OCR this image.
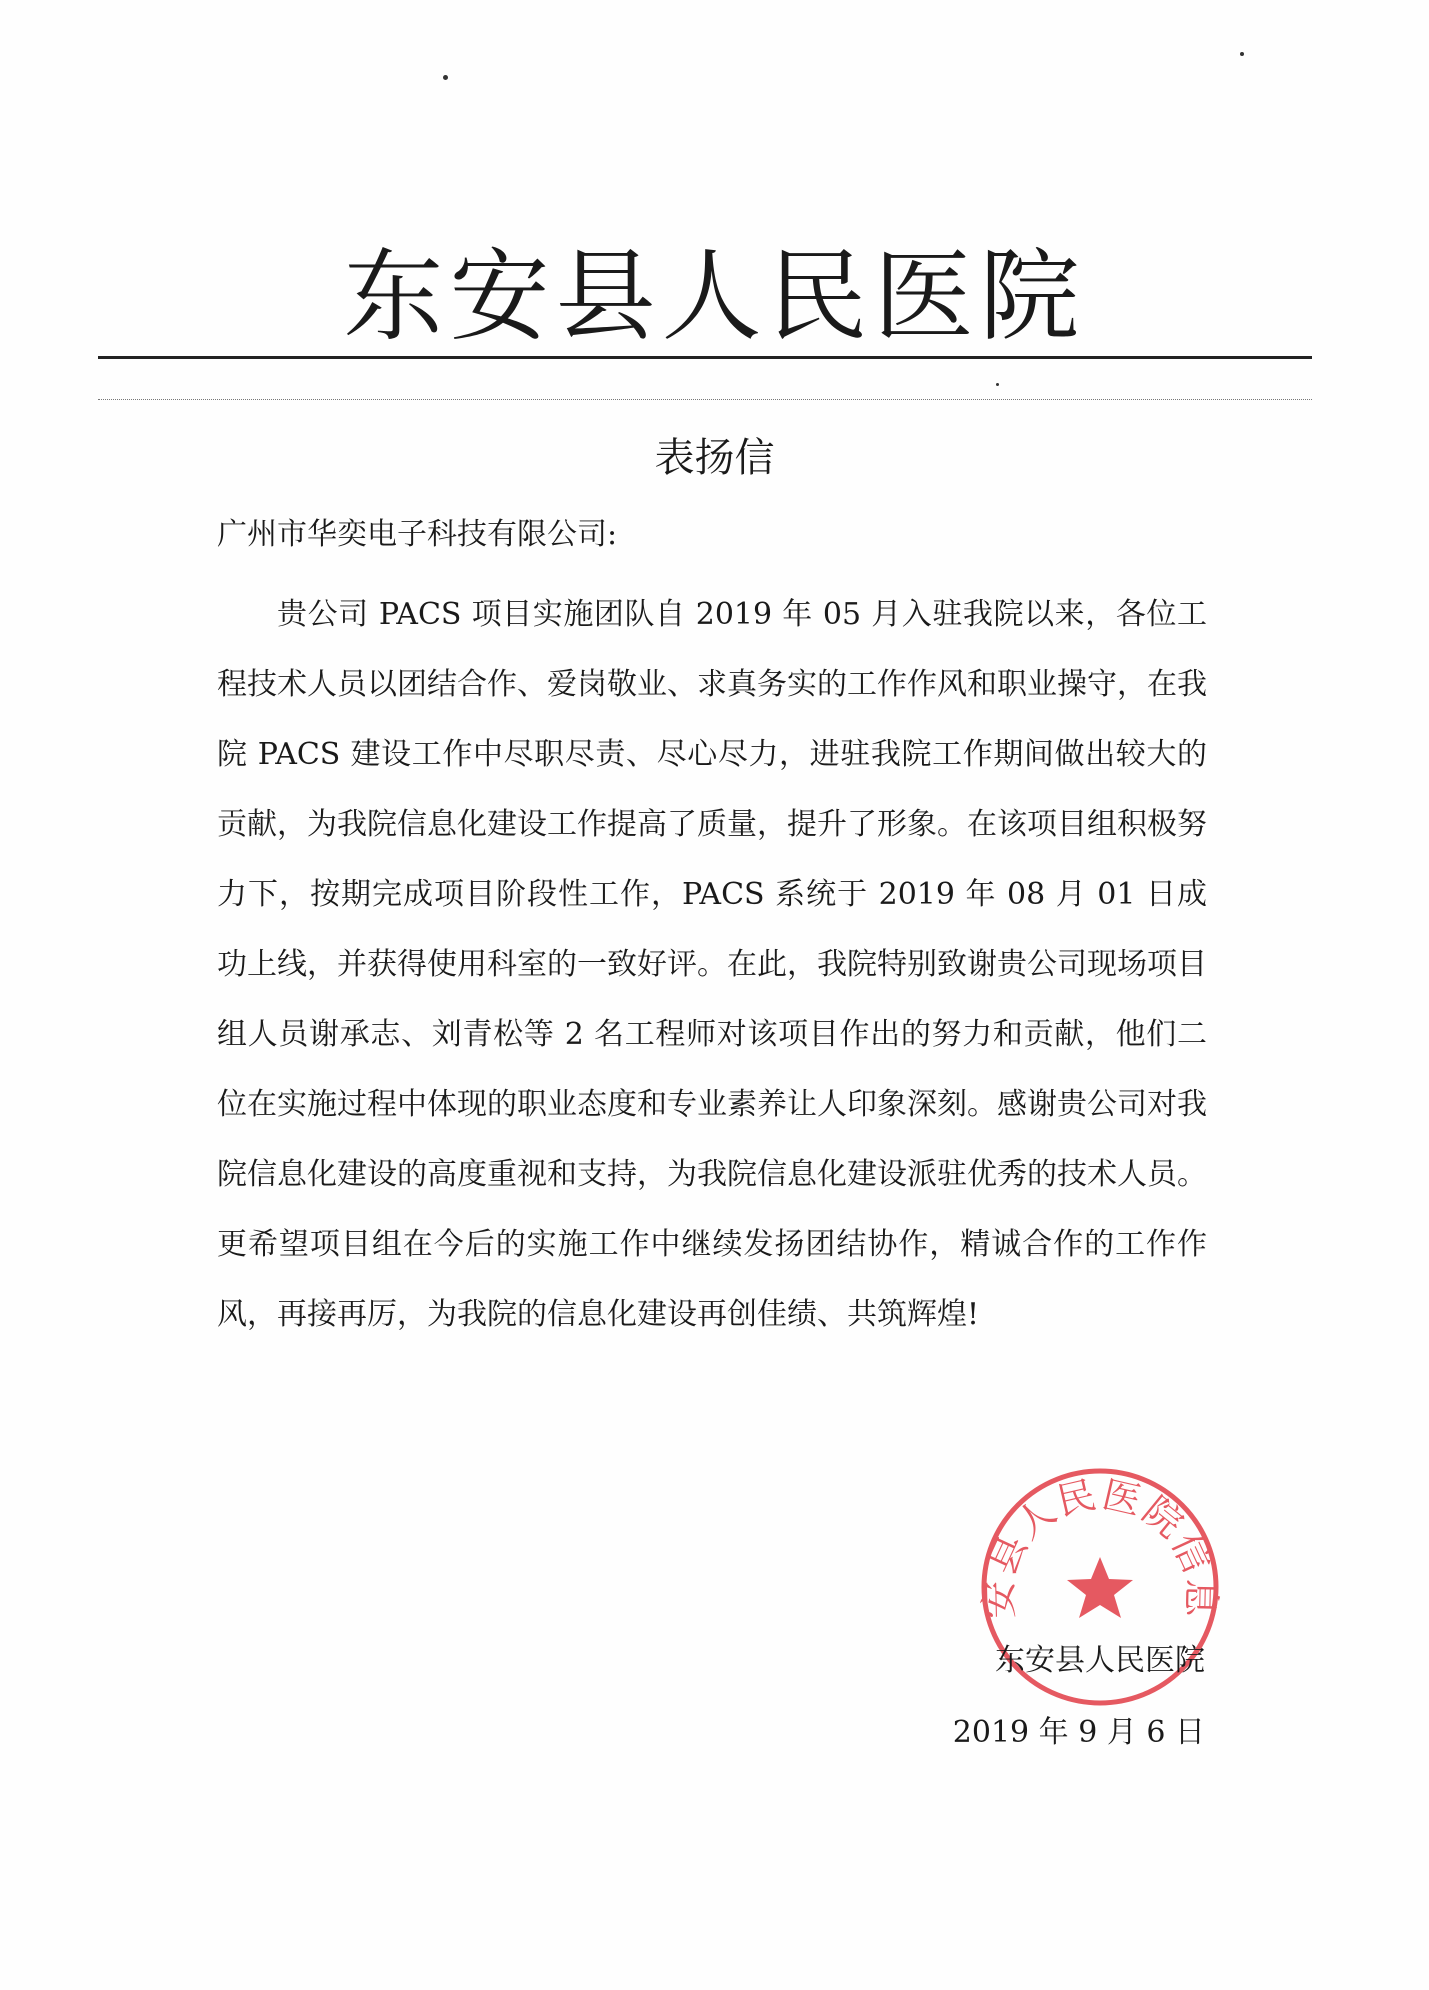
东安县人民医院
表扬信
广州市华奕电子科技有限公司:

贵公司 PACS 项目实施团队自 2019 年 05 月入驻我院以来，各位工程技术人员以团结合作、爱岗敬业、求真务实的工作作风和职业操守，在我院 PACS 建设工作中尽职尽责、尽心尽力，进驻我院工作期间做出较大的贡献，为我院信息化建设工作提高了质量，提升了形象。在该项目组积极努力下，按期完成项目阶段性工作，PACS 系统于 2019 年 08 月 01 日成功上线，并获得使用科室的一致好评。在此，我院特别致谢贵公司现场项目组人员谢承志、刘青松等 2 名工程师对该项目作出的努力和贡献，他们二位在实施过程中体现的职业态度和专业素养让人印象深刻。感谢贵公司对我院信息化建设的高度重视和支持，为我院信息化建设派驻优秀的技术人员。更希望项目组在今后的实施工作中继续发扬团结协作，精诚合作的工作作风，再接再厉，为我院的信息化建设再创佳绩、共筑辉煌!

安县人民医院信息
东安县人民医院
2019 年 9 月 6 日
